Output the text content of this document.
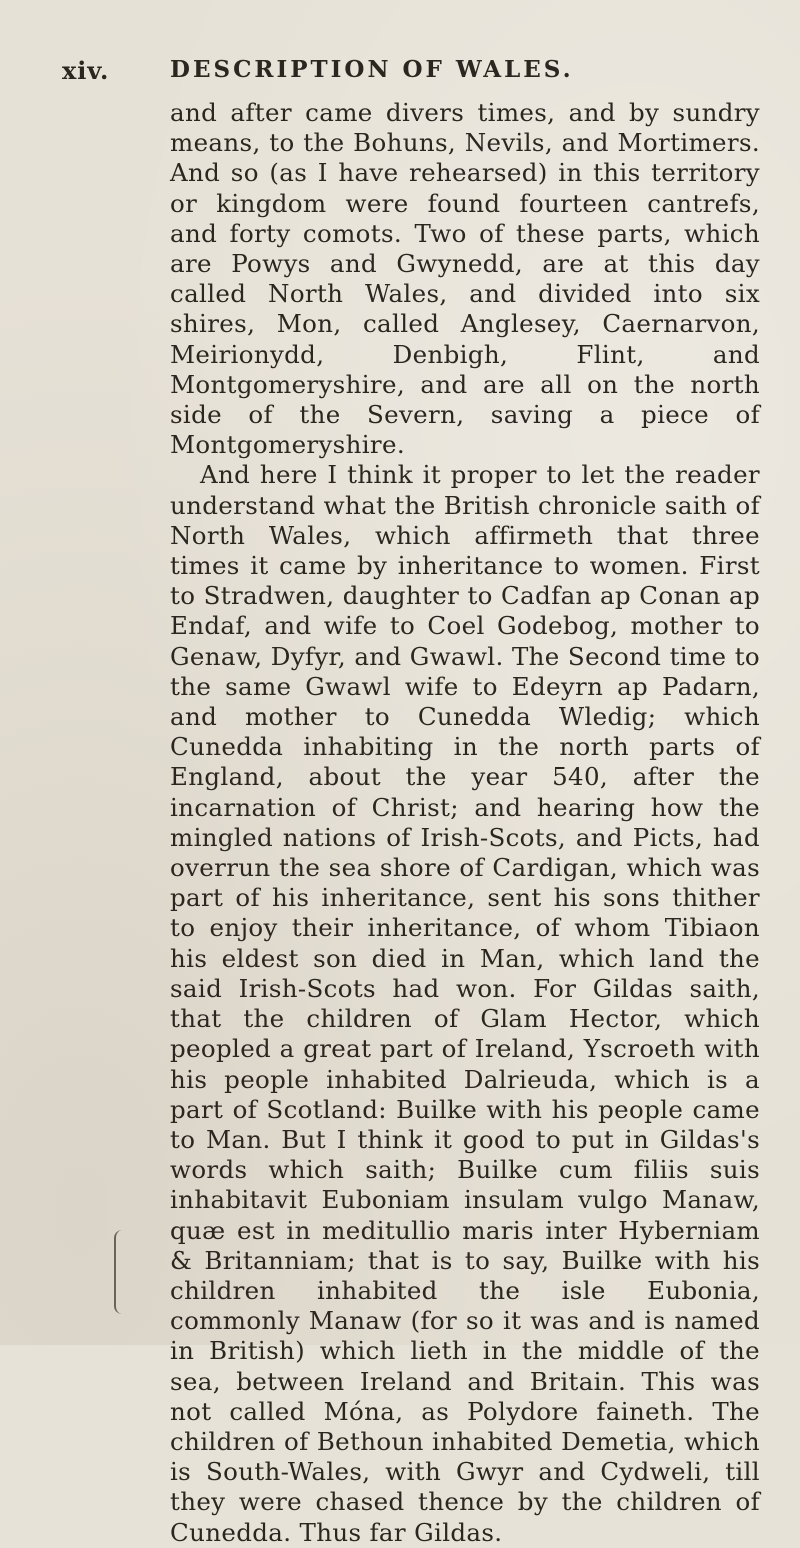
xiv.	DESCRIPTION OF WALES.

and after came divers times, and by sundry means, to the Bohuns, Nevils, and Mortimers. And so (as I have rehearsed) in this territory or kingdom were found fourteen cantrefs, and forty comots. Two of these parts, which are Powys and Gwynedd, are at this day called North Wales, and divided into six shires, Mon, called Anglesey, Caernarvon, Meirionydd, Denbigh, Flint, and Montgomeryshire, and are all on the north side of the Severn, saving a piece of Montgomeryshire.

And here I think it proper to let the reader understand what the British chronicle saith of North Wales, which affirmeth that three times it came by inheritance to women. First to Stradwen, daughter to Cadfan ap Conan ap Endaf, and wife to Coel Godebog, mother to Genaw, Dyfyr, and Gwawl. The Second time to the same Gwawl wife to Edeyrn ap Padarn, and mother to Cunedda Wledig; which Cunedda inhabiting in the north parts of England, about the year 540, after the incarnation of Christ; and hearing how the mingled nations of Irish-Scots, and Picts, had overrun the sea shore of Cardigan, which was part of his inheritance, sent his sons thither to enjoy their inheritance, of whom Tibiaon his eldest son died in Man, which land the said Irish-Scots had won. For Gildas saith, that the children of Glam Hector, which peopled a great part of Ireland, Yscroeth with his people inhabited Dalrieuda, which is a part of Scotland: Builke with his people came to Man. But I think it good to put in Gildas's words which saith; Builke cum filiis suis inhabitavit Euboniam insulam vulgo Manaw, quæ est in meditullio maris inter Hyberniam & Britanniam; that is to say, Builke with his children inhabited the isle Eubonia, commonly Manaw (for so it was and is named in British) which lieth in the middle of the sea, between Ireland and Britain. This was not called Móna, as Polydore faineth. The children of Bethoun inhabited Demetia, which is South-Wales, with Gwyr and Cydweli, till they were chased thence by the children of Cunedda. Thus far Gildas.
